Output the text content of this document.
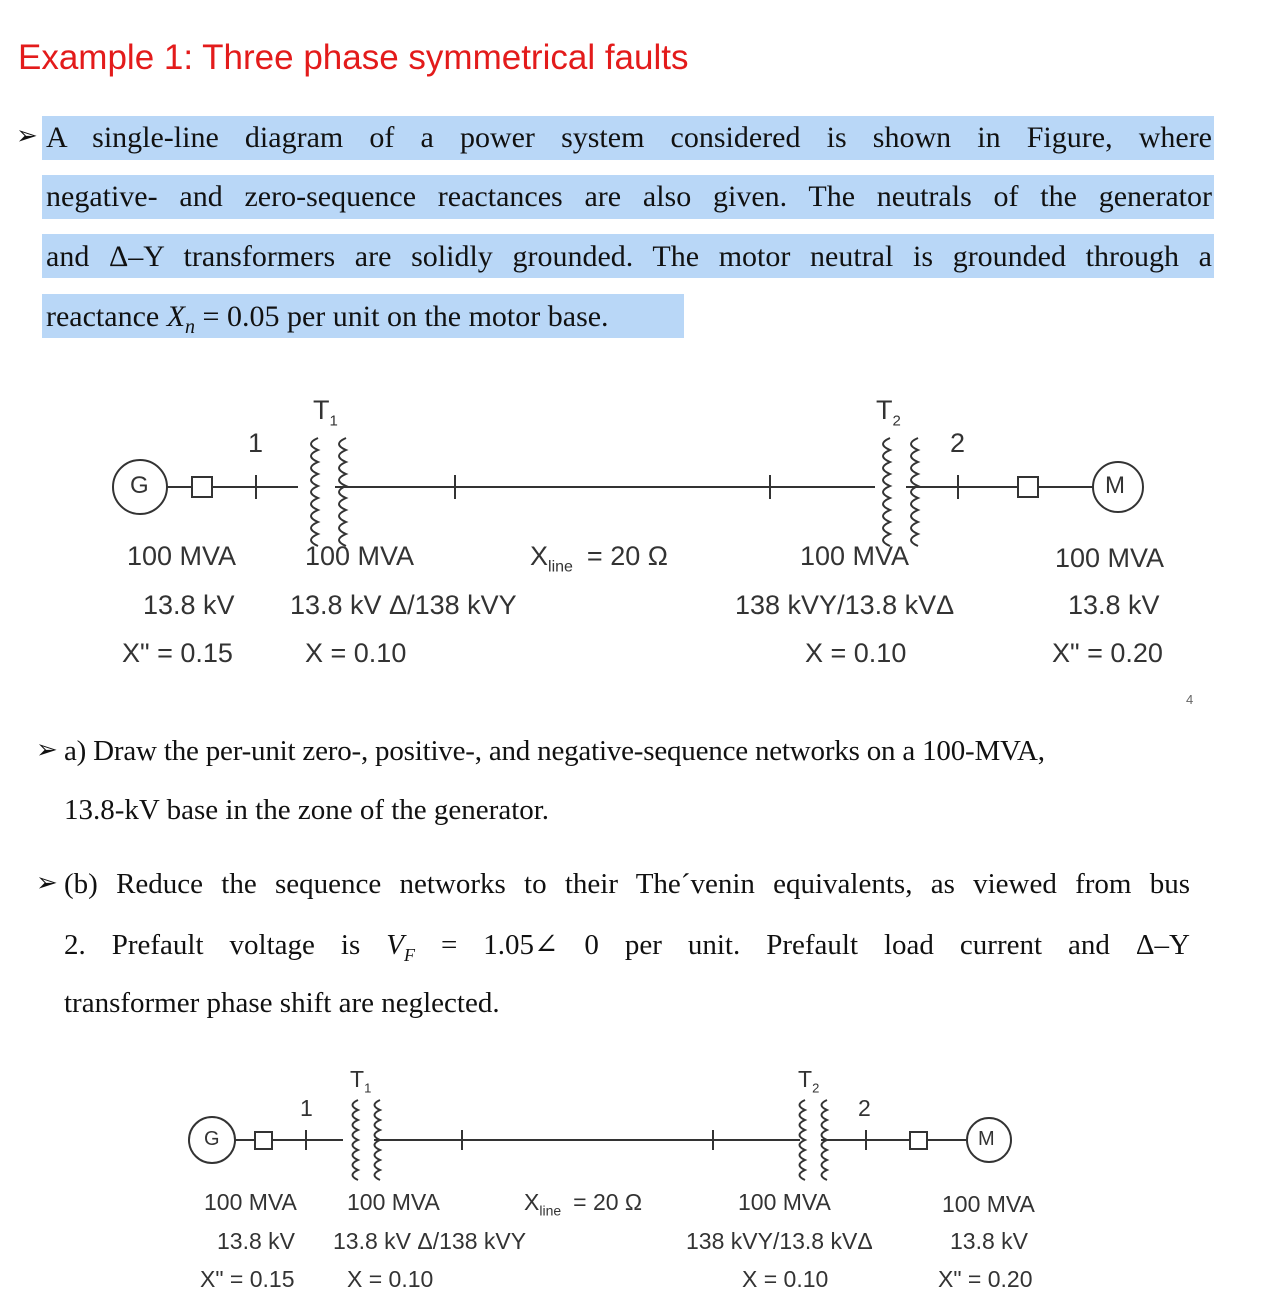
Example 1: Three phase symmetrical faults
➢ A single-line diagram of a power system considered is shown in Figure, where
negative- and zero-sequence reactances are also given. The neutrals of the generator
and Δ–Y transformers are solidly grounded. The motor neutral is grounded through a
reactance $X_n = 0.05$ per unit on the motor base.
G	M
$T_1$	$T_2$
1	2
100 MVA
13.8 kV
X" = 0.15
100 MVA
13.8 kV Δ/138 kVY
X = 0.10
$X_{line} = 20$ Ω	100 MVA
138 kVY/13.8 kVΔ
X = 0.10
100 MVA
13.8 kV
X" = 0.20
4
➢ a) Draw the per-unit zero-, positive-, and negative-sequence networks on a 100-MVA,
13.8-kV base in the zone of the generator.
➢ (b) Reduce the sequence networks to their The´venin equivalents, as viewed from bus
2. Prefault voltage is $V_F$ = 1.05∠ 0 per unit. Prefault load current and Δ–Y
transformer phase shift are neglected.
G	M
$T_1$	$T_2$
1	2
100 MVA
13.8 kV
X" = 0.15
100 MVA
13.8 kV Δ/138 kVY
X = 0.10
$X_{line} = 20$ Ω	100 MVA
138 kVY/13.8 kVΔ
X = 0.10
100 MVA
13.8 kV
X" = 0.20
